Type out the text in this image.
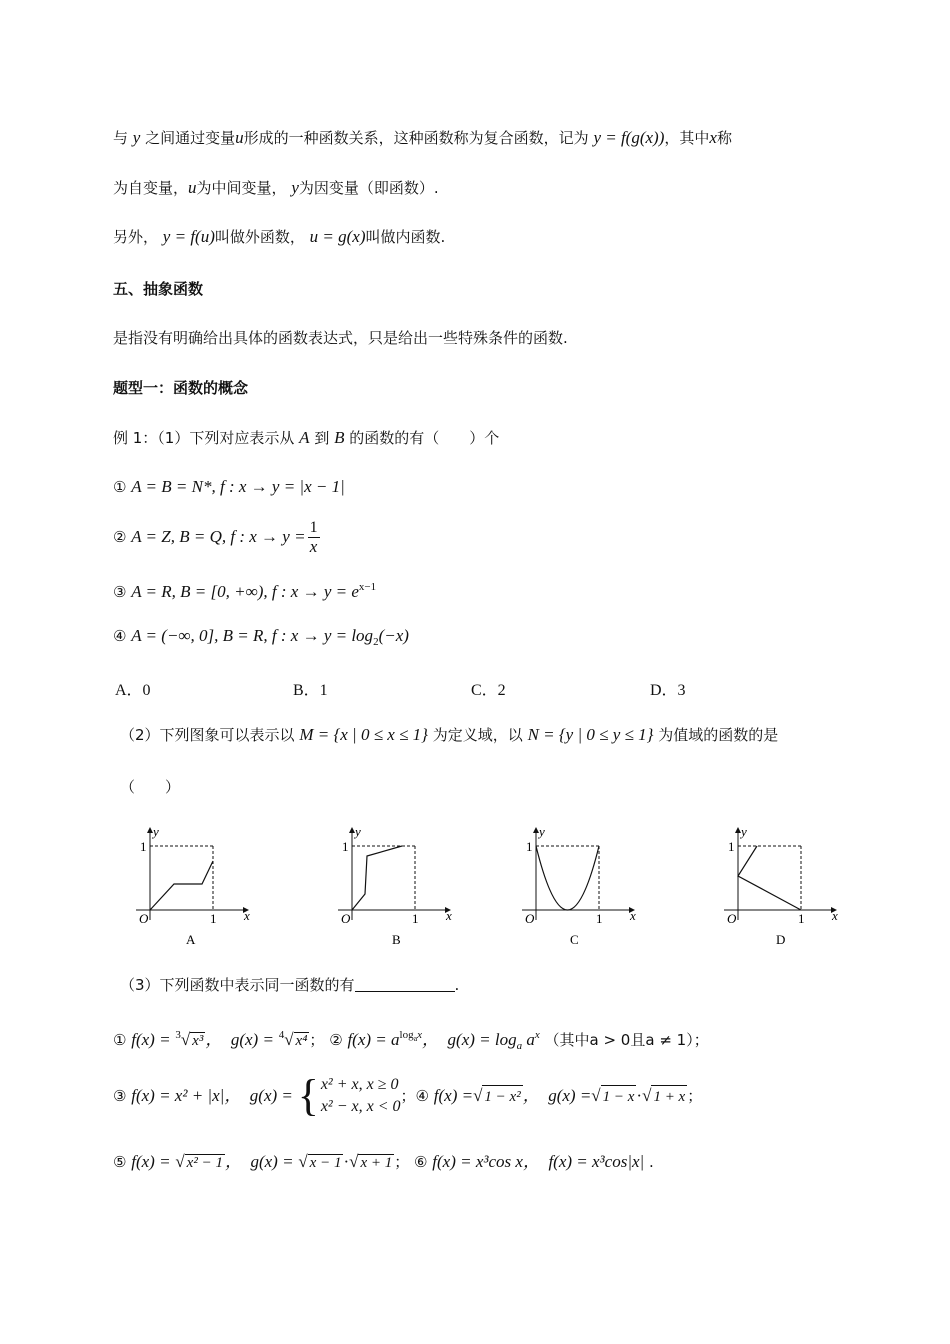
与 y 之间通过变量u形成的一种函数关系，这种函数称为复合函数，记为 y = f(g(x))，其中x称
为自变量，u为中间变量， y为因变量（即函数）.
另外， y = f(u)叫做外函数， u = g(x)叫做内函数.
五、抽象函数
是指没有明确给出具体的函数表达式，只是给出一些特殊条件的函数.
题型一：函数的概念
例 1：（1）下列对应表示从 A 到 B 的函数的有（　　）个
① A = B = N*, f : x → y = |x − 1|
②
A = Z, B = Q, f : $x \to y = \frac{1}{x}$
③ A = R, B = [0, +∞), f : $x \to y = e^{x-1}$
④ A = (−∞, 0], B = R, f : $x \to y = \log_2(-x)$
A．0	B．1	C．2	D．3
（2）下列图象可以表示以 M = {x | 0 ≤ x ≤ 1} 为定义域，以 N = {y | 0 ≤ y ≤ 1} 为值域的函数的是
（　　）
y
1
O	1 x
A
y
1
O	1 x
B
y
1
O	1 x
C
y
1
O	1 x
D
（3）下列函数中表示同一函数的有	.
① f(x) = $^3$√ x³ ，　g(x) = $^4$√ x⁴ ； ② $f(x) = a^{logax}$，　$g(x) = \log_a a^x$ （其中a > 0且a ≠ 1）；
③
f(x) = x² + |x| ，　g(x) =
{ x² + x, x ≥ 0
x² − x, x < 0
； ④
f(x) = √ 1 − x² ，　g(x) = √ 1 − x · √ 1 + x ；
⑤ f(x) = √ x² − 1 ，　g(x) = √ x − 1 ·√ x + 1 ； ⑥ f(x) = x³cos x，　f(x) = x³cos|x| .
